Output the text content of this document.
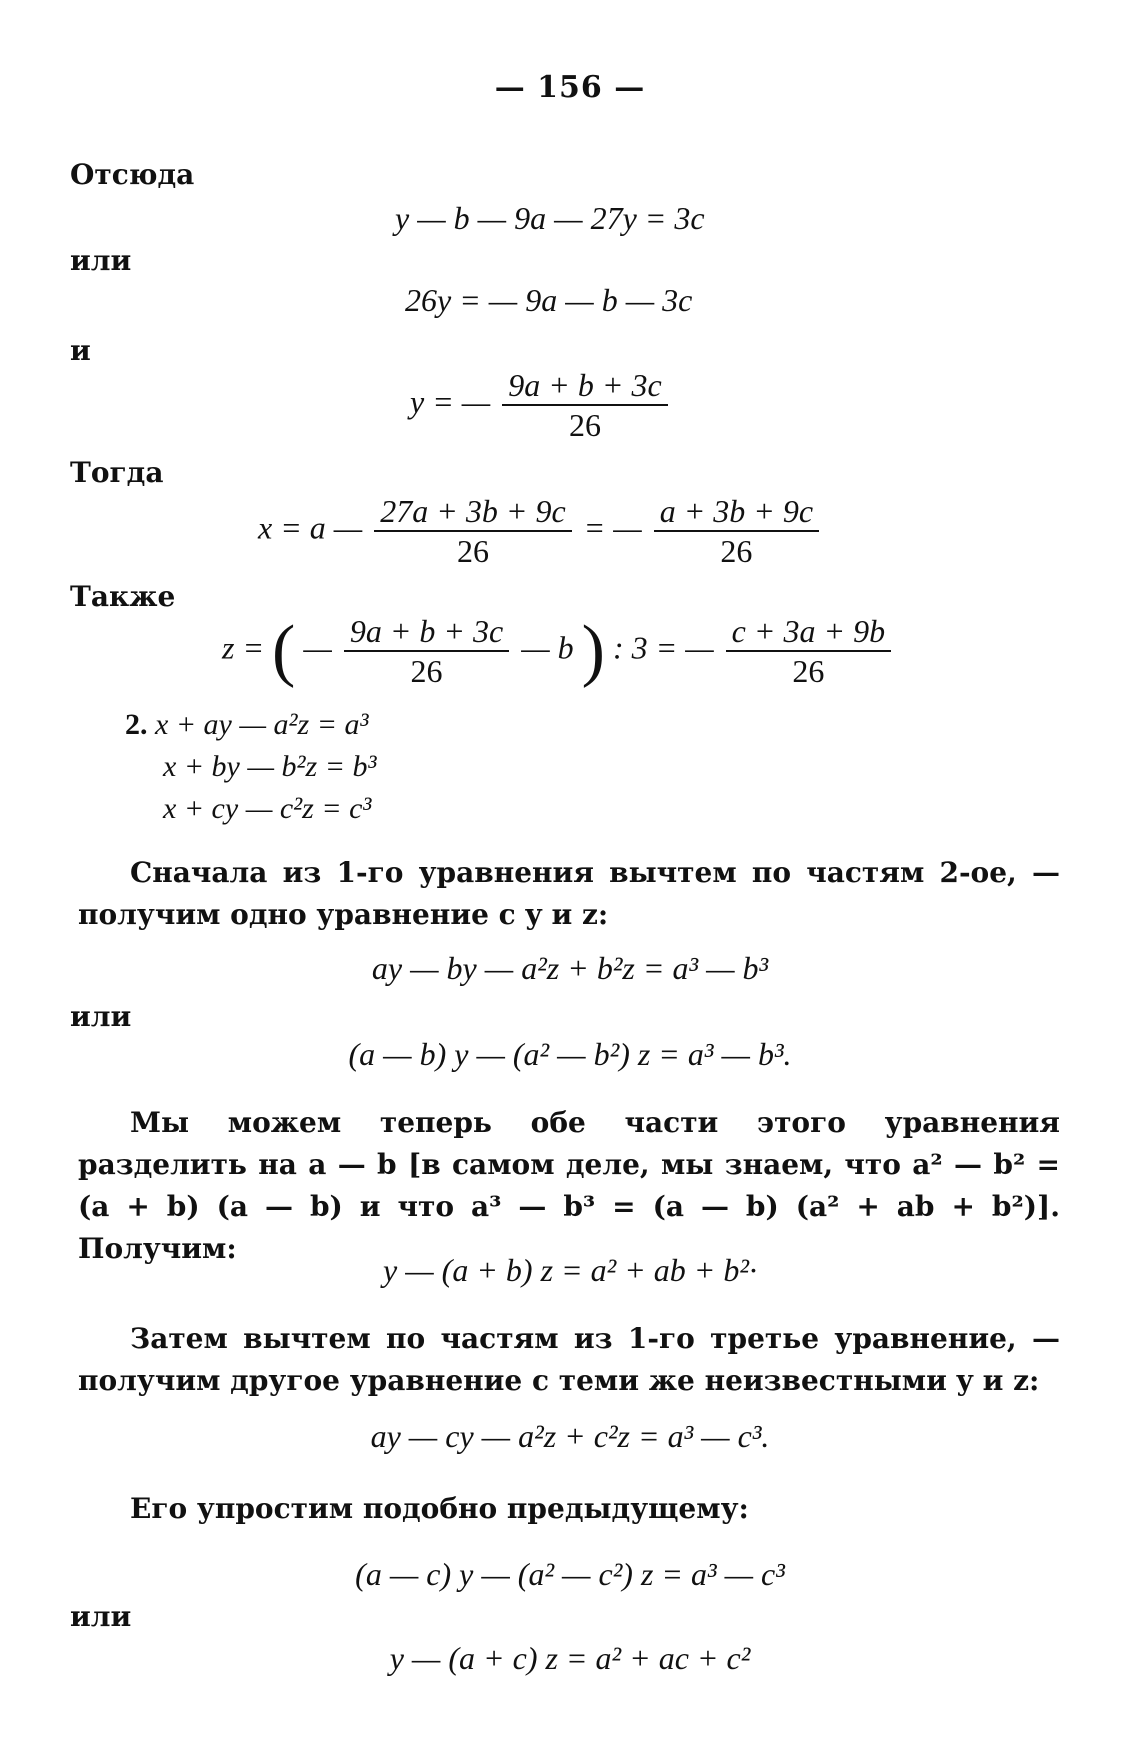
— 156 —
Отсюда
y — b — 9a — 27y = 3c
или
26y = — 9a — b — 3c
и
y = — $\frac{9a + b + 3c}{26}$
Тогда
x = a — $\frac{27a + 3b + 9c}{26}$ = — $\frac{a + 3b + 9c}{26}$
Также
z = ( — $\frac{9a + b + 3c}{26}$ — b ) : 3 = — $\frac{c + 3a + 9b}{26}$
2. x + ay — a²z = a³
x + by — b²z = b³
x + cy — c²z = c³
Сначала из 1-го уравнения вычтем по частям 2-ое, — получим одно уравнение с y и z:
ay — by — a²z + b²z = a³ — b³
или
(a — b) y — (a² — b²) z = a³ — b³.
Мы можем теперь обе части этого уравнения разделить на a — b [в самом деле, мы знаем, что a² — b² = (a + b) (a — b) и что a³ — b³ = (a — b) (a² + ab + b²)]. Получим:
y — (a + b) z = a² + ab + b²·
Затем вычтем по частям из 1-го третье уравнение, — получим другое уравнение с теми же неизвестными y и z:
ay — cy — a²z + c²z = a³ — c³.
Его упростим подобно предыдущему:
(a — c) y — (a² — c²) z = a³ — c³
или
y — (a + c) z = a² + ac + c²
